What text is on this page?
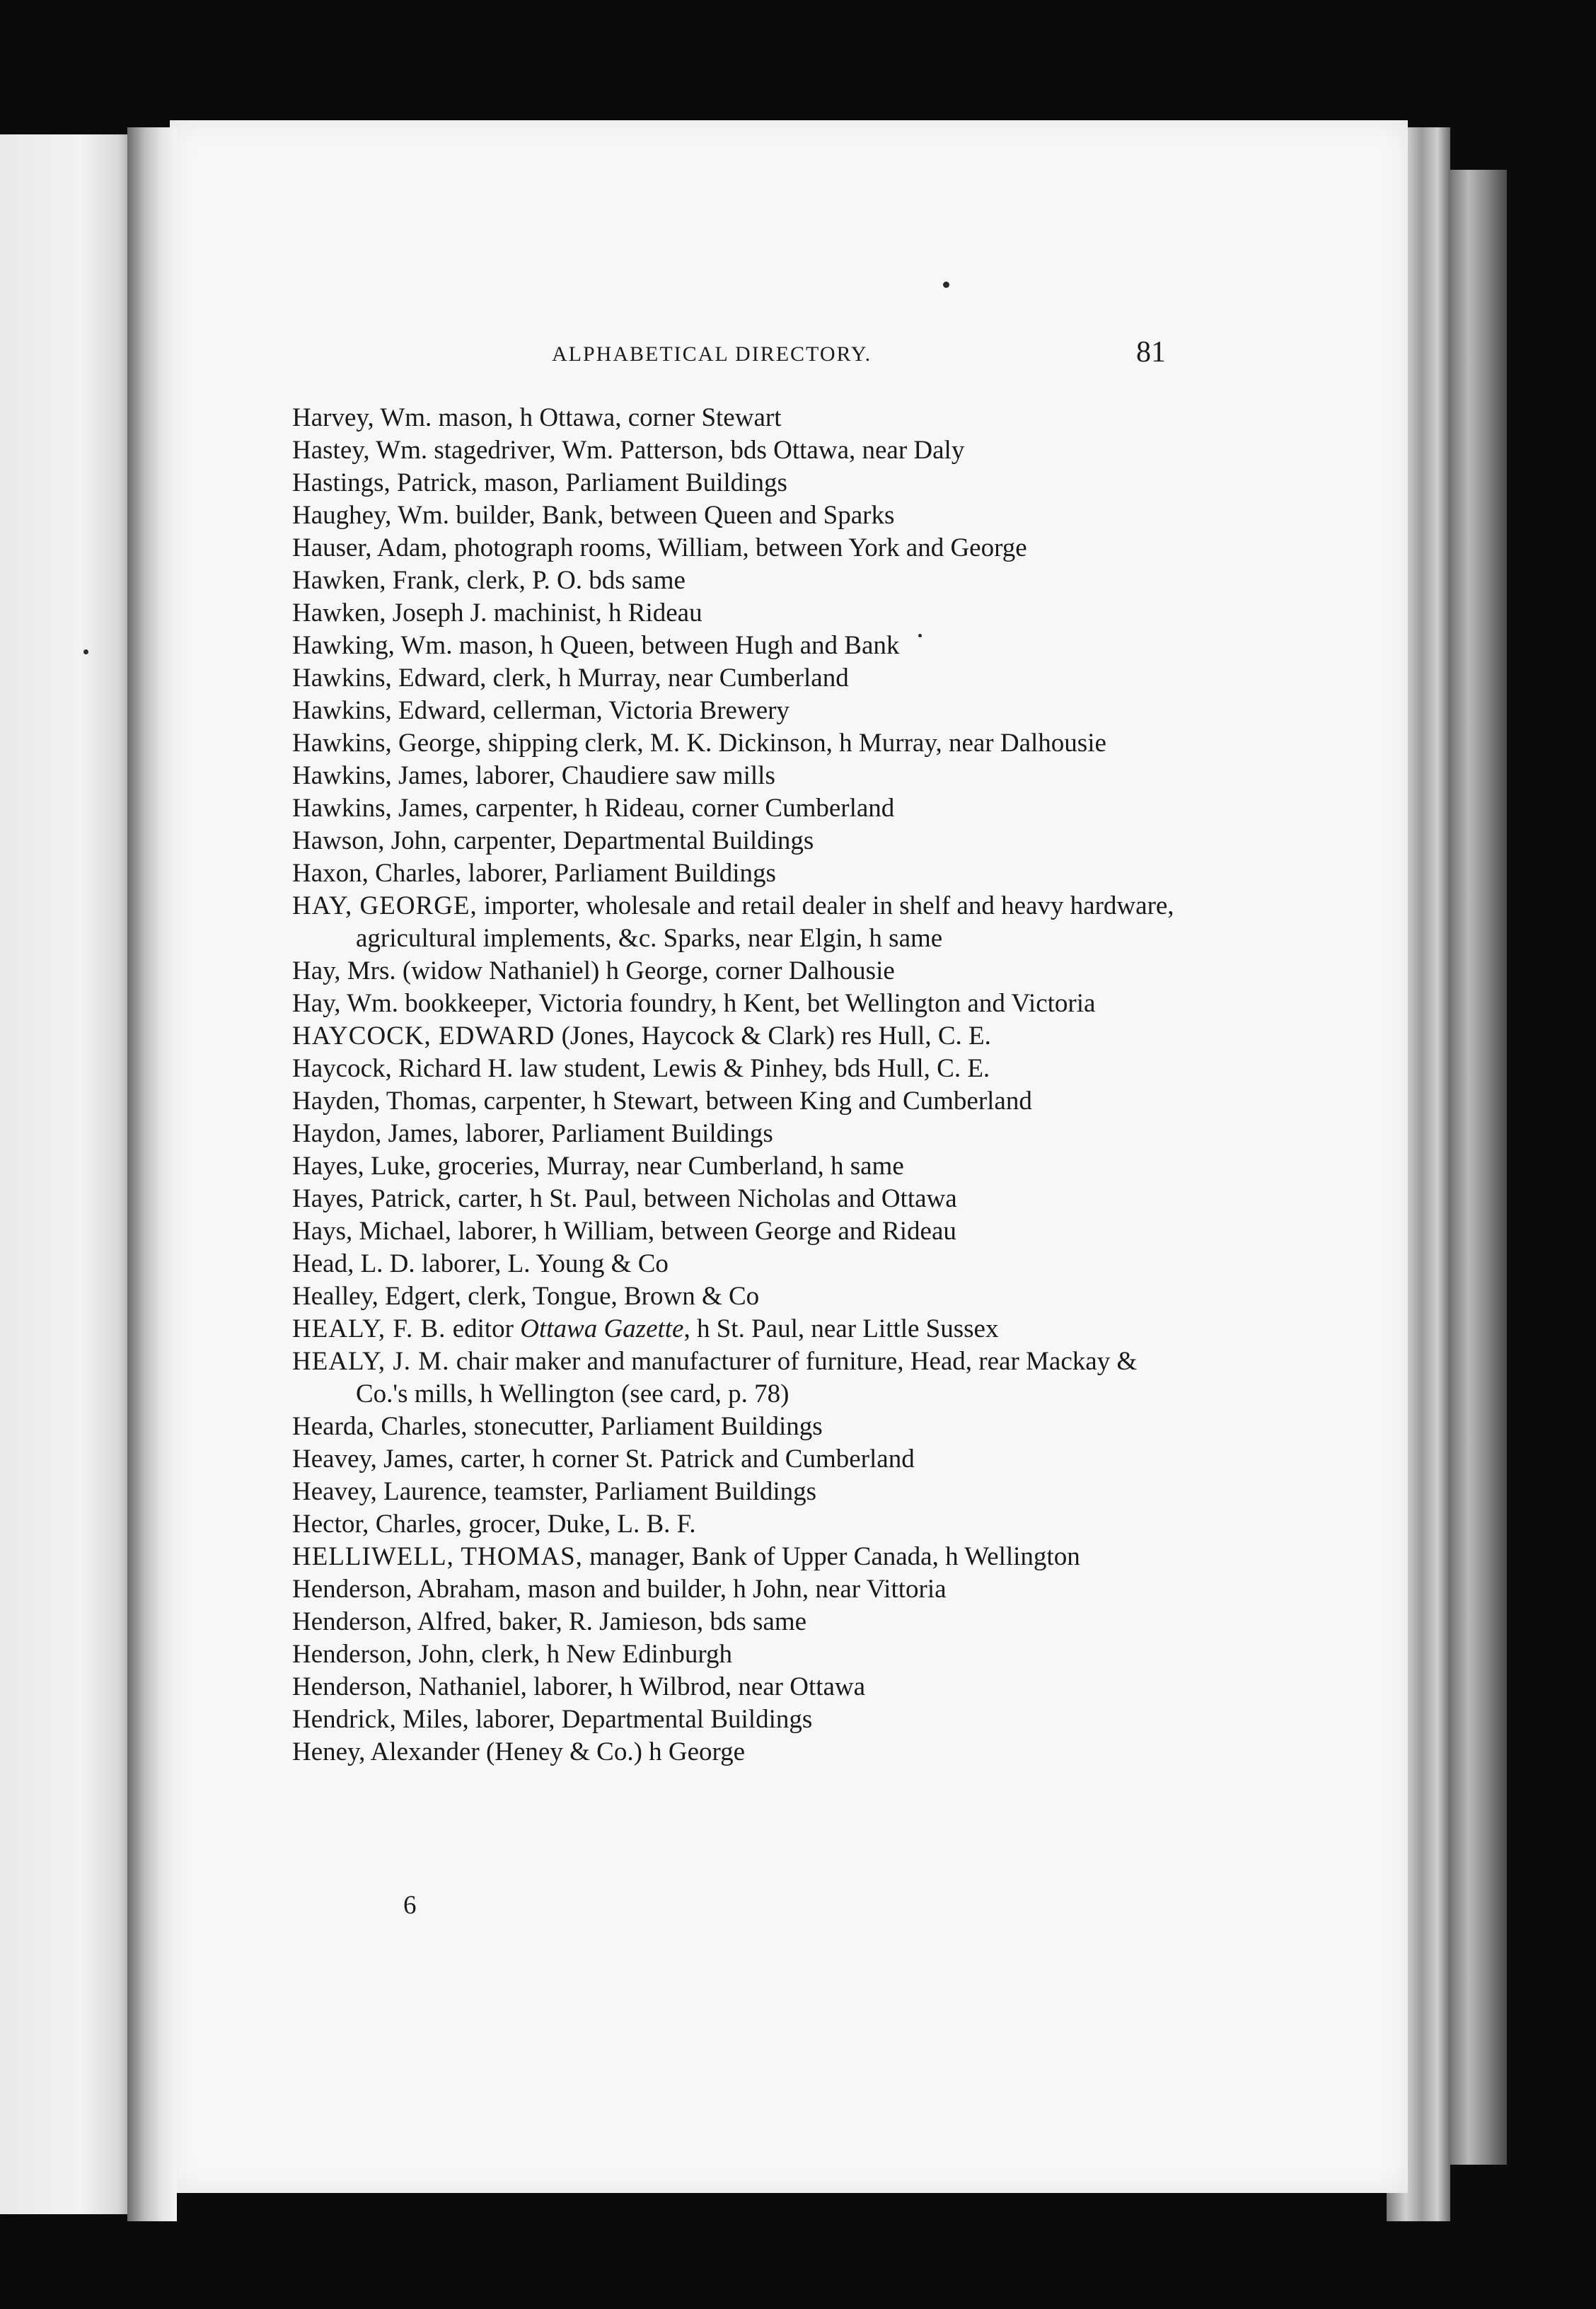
ALPHABETICAL DIRECTORY.	81
Harvey, Wm. mason, h Ottawa, corner Stewart
Hastey, Wm. stagedriver, Wm. Patterson, bds Ottawa, near Daly
Hastings, Patrick, mason, Parliament Buildings
Haughey, Wm. builder, Bank, between Queen and Sparks
Hauser, Adam, photograph rooms, William, between York and George
Hawken, Frank, clerk, P. O. bds same
Hawken, Joseph J. machinist, h Rideau
Hawking, Wm. mason, h Queen, between Hugh and Bank
Hawkins, Edward, clerk, h Murray, near Cumberland
Hawkins, Edward, cellerman, Victoria Brewery
Hawkins, George, shipping clerk, M. K. Dickinson, h Murray, near Dalhousie
Hawkins, James, laborer, Chaudiere saw mills
Hawkins, James, carpenter, h Rideau, corner Cumberland
Hawson, John, carpenter, Departmental Buildings
Haxon, Charles, laborer, Parliament Buildings
HAY, GEORGE, importer, wholesale and retail dealer in shelf and heavy hardware, agricultural implements, &c. Sparks, near Elgin, h same
Hay, Mrs. (widow Nathaniel) h George, corner Dalhousie
Hay, Wm. bookkeeper, Victoria foundry, h Kent, bet Wellington and Victoria
HAYCOCK, EDWARD (Jones, Haycock & Clark) res Hull, C. E.
Haycock, Richard H. law student, Lewis & Pinhey, bds Hull, C. E.
Hayden, Thomas, carpenter, h Stewart, between King and Cumberland
Haydon, James, laborer, Parliament Buildings
Hayes, Luke, groceries, Murray, near Cumberland, h same
Hayes, Patrick, carter, h St. Paul, between Nicholas and Ottawa
Hays, Michael, laborer, h William, between George and Rideau
Head, L. D. laborer, L. Young & Co
Healley, Edgert, clerk, Tongue, Brown & Co
HEALY, F. B. editor Ottawa Gazette, h St. Paul, near Little Sussex
HEALY, J. M. chair maker and manufacturer of furniture, Head, rear Mackay & Co.'s mills, h Wellington (see card, p. 78)
Hearda, Charles, stonecutter, Parliament Buildings
Heavey, James, carter, h corner St. Patrick and Cumberland
Heavey, Laurence, teamster, Parliament Buildings
Hector, Charles, grocer, Duke, L. B. F.
HELLIWELL, THOMAS, manager, Bank of Upper Canada, h Wellington
Henderson, Abraham, mason and builder, h John, near Vittoria
Henderson, Alfred, baker, R. Jamieson, bds same
Henderson, John, clerk, h New Edinburgh
Henderson, Nathaniel, laborer, h Wilbrod, near Ottawa
Hendrick, Miles, laborer, Departmental Buildings
Heney, Alexander (Heney & Co.) h George
6
